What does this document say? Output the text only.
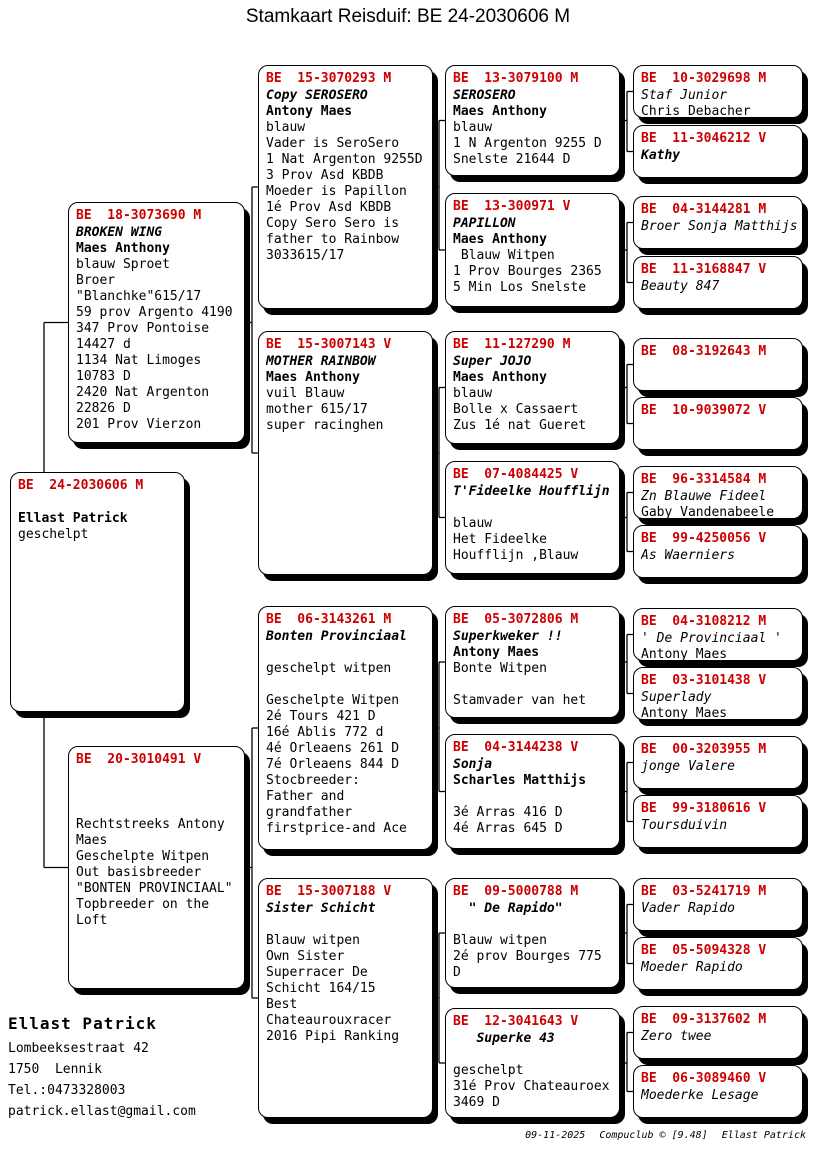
Stamkaart Reisduif: BE 24-2030606 M
BE  24-2030606 M
Ellast Patrick
geschelpt
BE  18-3073690 M
BROKEN WING
Maes Anthony
blauw Sproet
Broer
"Blanchke"615/17
59 prov Argento 4190
347 Prov Pontoise
14427 d
1134 Nat Limoges
10783 D
2420 Nat Argenton
22826 D
201 Prov Vierzon
BE  20-3010491 V
Rechtstreeks Antony
Maes
Geschelpte Witpen
Out basisbreeder
"BONTEN PROVINCIAAL"
Topbreeder on the
Loft
BE  15-3070293 M
Copy SEROSERO
Antony Maes
blauw
Vader is SeroSero
1 Nat Argenton 9255D
3 Prov Asd KBDB
Moeder is Papillon
1é Prov Asd KBDB
Copy Sero Sero is
father to Rainbow
3033615/17
BE  15-3007143 V
MOTHER RAINBOW
Maes Anthony
vuil Blauw
mother 615/17
super racinghen
BE  06-3143261 M
Bonten Provinciaal
geschelpt witpen
Geschelpte Witpen
2é Tours 421 D
16é Ablis 772 d
4é Orleaens 261 D
7é Orleaens 844 D
Stocbreeder:
Father and
grandfather
firstprice-and Ace
BE  15-3007188 V
Sister Schicht
Blauw witpen
Own Sister
Superracer De
Schicht 164/15
Best
Chateaurouxracer
2016 Pipi Ranking
BE  13-3079100 M
SEROSERO
Maes Anthony
blauw
1 N Argenton 9255 D
Snelste 21644 D
BE  13-300971 V
PAPILLON
Maes Anthony
Blauw Witpen
1 Prov Bourges 2365
5 Min Los Snelste
BE  11-127290 M
Super JOJO
Maes Anthony
blauw
Bolle x Cassaert
Zus 1é nat Gueret
BE  07-4084425 V
T'Fideelke Houfflijn
blauw
Het Fideelke
Houfflijn ,Blauw
BE  05-3072806 M
Superkweker !!
Antony Maes
Bonte Witpen
Stamvader van het
BE  04-3144238 V
Sonja
Scharles Matthijs
3é Arras 416 D
4é Arras 645 D
BE  09-5000788 M
" De Rapido"
Blauw witpen
2é prov Bourges 775
D
BE  12-3041643 V
Superke 43
geschelpt
31é Prov Chateauroex
3469 D
BE  10-3029698 M
Staf Junior
Chris Debacher
BE  11-3046212 V
Kathy
BE  04-3144281 M
Broer Sonja Matthijs
BE  11-3168847 V
Beauty 847
BE  08-3192643 M
BE  10-9039072 V
BE  96-3314584 M
Zn Blauwe Fideel
Gaby Vandenabeele
BE  99-4250056 V
As Waerniers
BE  04-3108212 M
' De Provinciaal '
Antony Maes
BE  03-3101438 V
Superlady
Antony Maes
BE  00-3203955 M
jonge Valere
BE  99-3180616 V
Toursduivin
BE  03-5241719 M
Vader Rapido
BE  05-5094328 V
Moeder Rapido
BE  09-3137602 M
Zero twee
BE  06-3089460 V
Moederke Lesage
Ellast Patrick
Lombeeksestraat 42
1750  Lennik
Tel.:0473328003
patrick.ellast@gmail.com
09-11-2025 Compuclub © [9.48] Ellast Patrick
